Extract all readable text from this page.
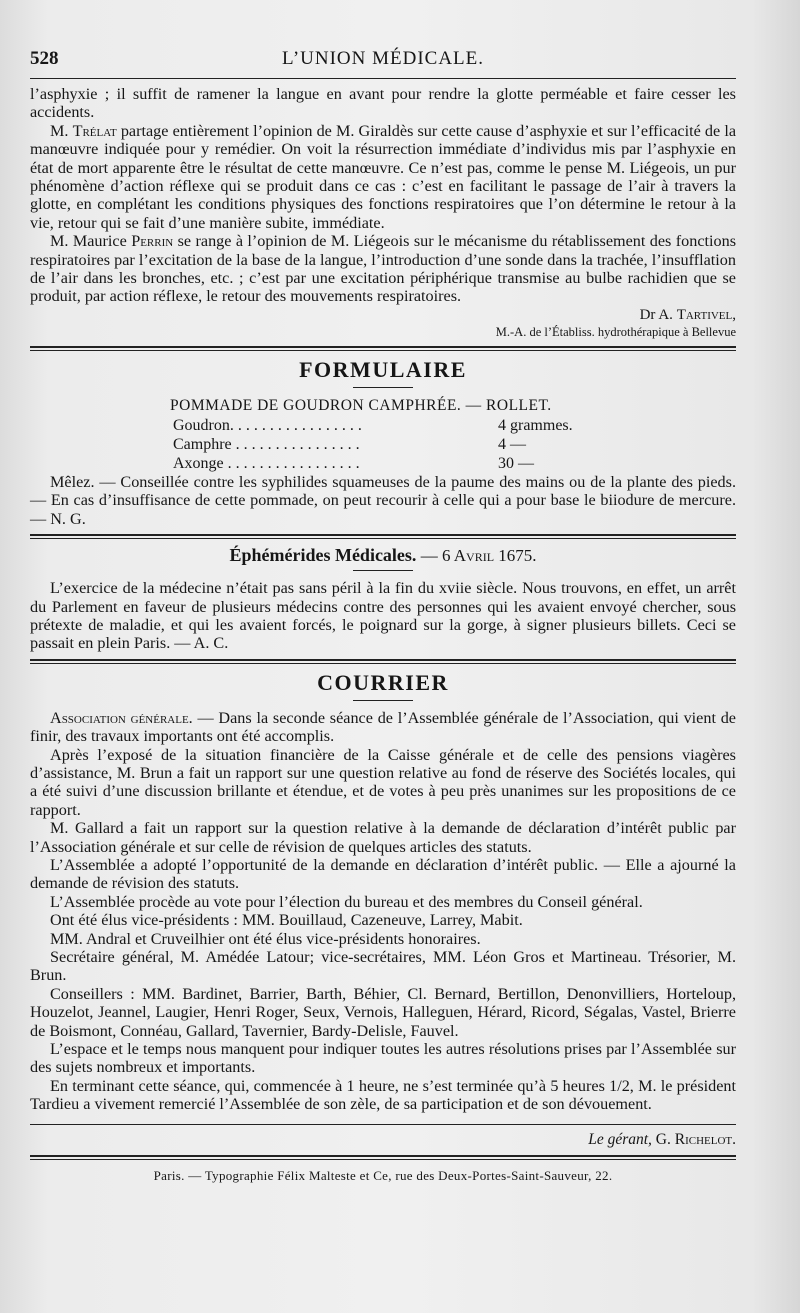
528	L’UNION MÉDICALE.

l’asphyxie ; il suffit de ramener la langue en avant pour rendre la glotte perméable et faire cesser les accidents.

M. Trélat partage entièrement l’opinion de M. Giraldès sur cette cause d’asphyxie et sur l’efficacité de la manœuvre indiquée pour y remédier. On voit la résurrection immédiate d’individus mis par l’asphyxie en état de mort apparente être le résultat de cette manœuvre. Ce n’est pas, comme le pense M. Liégeois, un pur phénomène d’action réflexe qui se produit dans ce cas : c’est en facilitant le passage de l’air à travers la glotte, en complétant les conditions physiques des fonctions respiratoires que l’on détermine le retour à la vie, retour qui se fait d’une manière subite, immédiate.

M. Maurice Perrin se range à l’opinion de M. Liégeois sur le mécanisme du rétablissement des fonctions respiratoires par l’excitation de la base de la langue, l’introduction d’une sonde dans la trachée, l’insufflation de l’air dans les bronches, etc. ; c’est par une excitation périphérique transmise au bulbe rachidien que se produit, par action réflexe, le retour des mouvements respiratoires.

Dr A. Tartivel,
M.-A. de l’Établiss. hydrothérapique à Bellevue
FORMULAIRE
POMMADE DE GOUDRON CAMPHRÉE. — ROLLET.
Goudron. . . . . . . . . . . . . . . . .	4 grammes.
Camphre . . . . . . . . . . . . . . . .	4 —
Axonge . . . . . . . . . . . . . . . . .	30 —

Mêlez. — Conseillée contre les syphilides squameuses de la paume des mains ou de la plante des pieds. — En cas d’insuffisance de cette pommade, on peut recourir à celle qui a pour base le biiodure de mercure. — N. G.

Éphémérides Médicales. — 6 Avril 1675.

L’exercice de la médecine n’était pas sans péril à la fin du xviie siècle. Nous trouvons, en effet, un arrêt du Parlement en faveur de plusieurs médecins contre des personnes qui les avaient envoyé chercher, sous prétexte de maladie, et qui les avaient forcés, le poignard sur la gorge, à signer plusieurs billets. Ceci se passait en plein Paris. — A. C.

COURRIER

Association générale. — Dans la seconde séance de l’Assemblée générale de l’Association, qui vient de finir, des travaux importants ont été accomplis.

Après l’exposé de la situation financière de la Caisse générale et de celle des pensions viagères d’assistance, M. Brun a fait un rapport sur une question relative au fond de réserve des Sociétés locales, qui a été suivi d’une discussion brillante et étendue, et de votes à peu près unanimes sur les propositions de ce rapport.

M. Gallard a fait un rapport sur la question relative à la demande de déclaration d’intérêt public par l’Association générale et sur celle de révision de quelques articles des statuts.

L’Assemblée a adopté l’opportunité de la demande en déclaration d’intérêt public. — Elle a ajourné la demande de révision des statuts.

L’Assemblée procède au vote pour l’élection du bureau et des membres du Conseil général.

Ont été élus vice-présidents : MM. Bouillaud, Cazeneuve, Larrey, Mabit.

MM. Andral et Cruveilhier ont été élus vice-présidents honoraires.

Secrétaire général, M. Amédée Latour; vice-secrétaires, MM. Léon Gros et Martineau. Trésorier, M. Brun.

Conseillers : MM. Bardinet, Barrier, Barth, Béhier, Cl. Bernard, Bertillon, Denonvilliers, Horteloup, Houzelot, Jeannel, Laugier, Henri Roger, Seux, Vernois, Halleguen, Hérard, Ricord, Ségalas, Vastel, Brierre de Boismont, Connéau, Gallard, Tavernier, Bardy-Delisle, Fauvel.

L’espace et le temps nous manquent pour indiquer toutes les autres résolutions prises par l’Assemblée sur des sujets nombreux et importants.

En terminant cette séance, qui, commencée à 1 heure, ne s’est terminée qu’à 5 heures 1/2, M. le président Tardieu a vivement remercié l’Assemblée de son zèle, de sa participation et de son dévouement.

Le gérant, G. Richelot.
Paris. — Typographie Félix Malteste et Ce, rue des Deux-Portes-Saint-Sauveur, 22.
